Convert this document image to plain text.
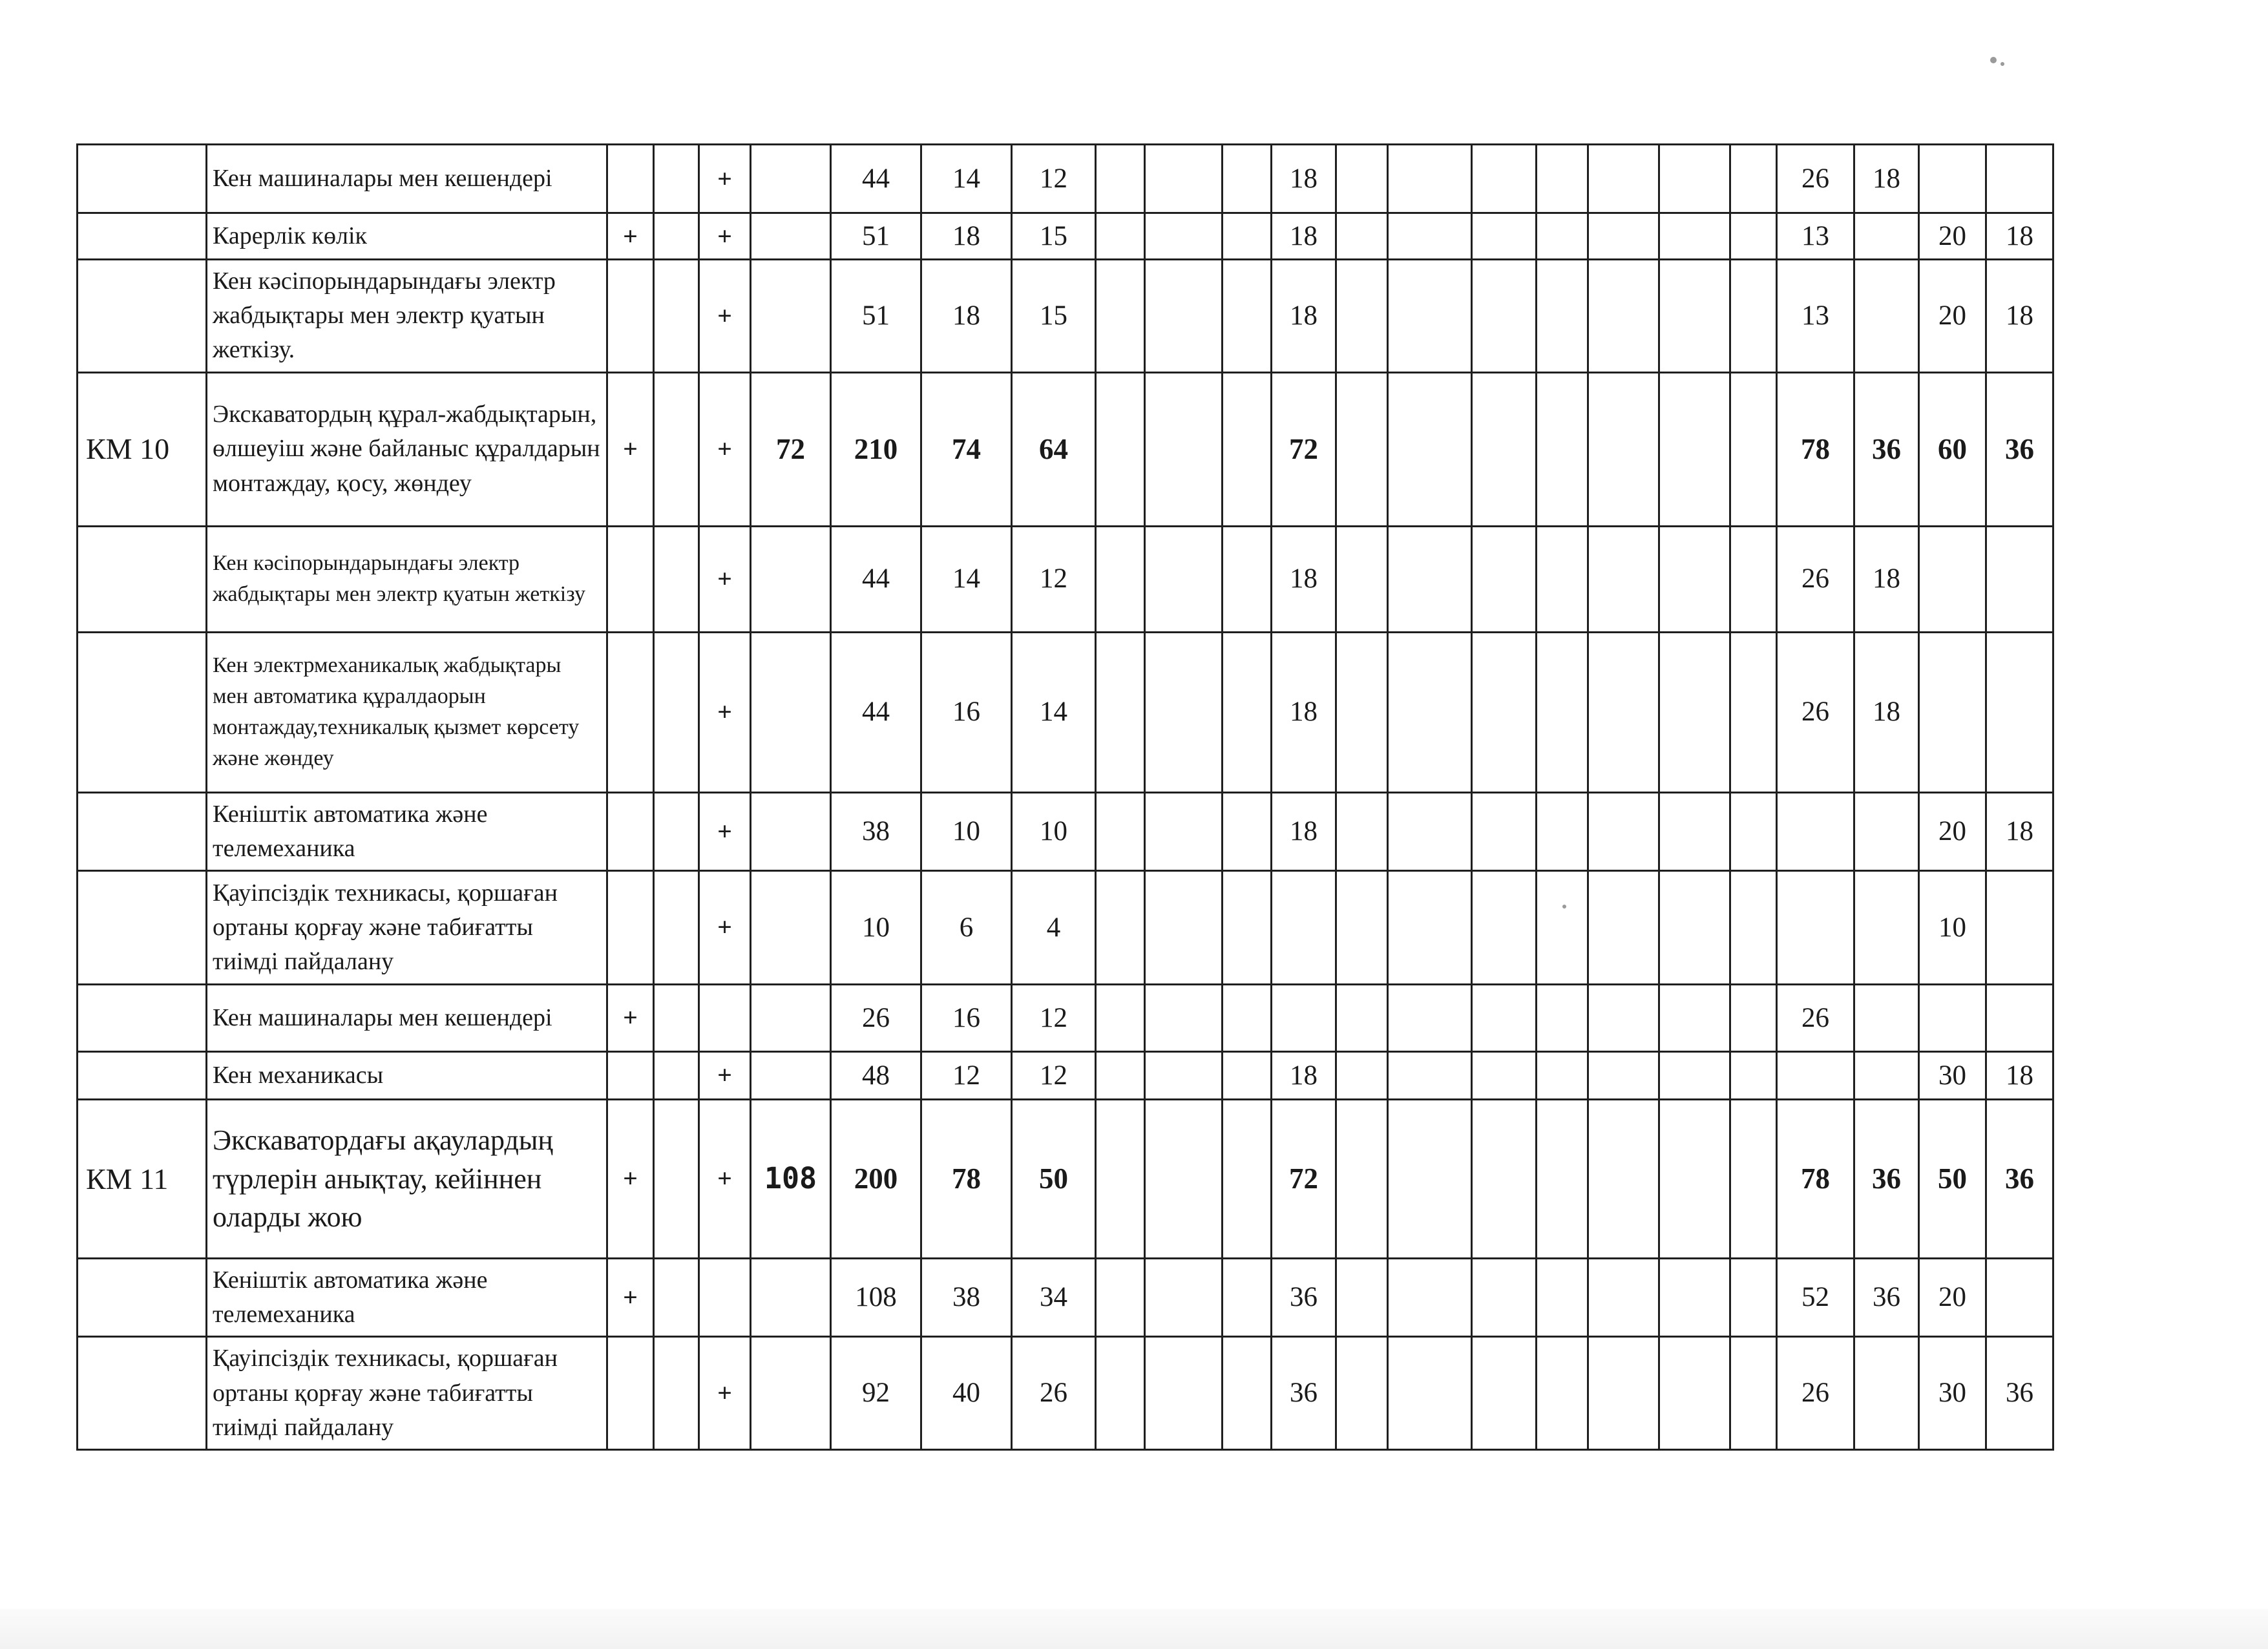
	Кен машиналары мен кешендері			+		44	14	12				18								26	18		
	Карерлік көлік	+		+		51	18	15				18								13		20	18
	Кен кәсіпорындарындағы электр жабдықтары мен электр қуатын жеткізу.			+		51	18	15				18								13		20	18
КМ 10	Экскаватордың құрал-жабдықтарын, өлшеуіш және байланыс құралдарын монтаждау, қосу, жөндеу	+		+	72	210	74	64				72								78	36	60	36
	Кен кәсіпорындарындағы электр жабдықтары мен электр қуатын жеткізу			+		44	14	12				18								26	18		
	Кен электрмеханикалық жабдықтары мен автоматика құралдаорын монтаждау,техникалық қызмет көрсету және жөндеу			+		44	16	14				18								26	18		
	Кеніштік автоматика және телемеханика			+		38	10	10				18										20	18
	Қауіпсіздік техникасы, қоршаған ортаны қорғау және табиғатты тиімді пайдалану			+		10	6	4														10	
	Кен машиналары мен кешендері	+				26	16	12												26			
	Кен механикасы			+		48	12	12				18										30	18
КМ 11	Экскаватордағы ақаулардың түрлерін анықтау, кейіннен оларды жою	+		+	108	200	78	50				72								78	36	50	36
	Кеніштік автоматика және телемеханика	+				108	38	34				36								52	36	20	
	Қауіпсіздік техникасы, қоршаған ортаны қорғау және табиғатты тиімді пайдалану			+		92	40	26				36								26		30	36
